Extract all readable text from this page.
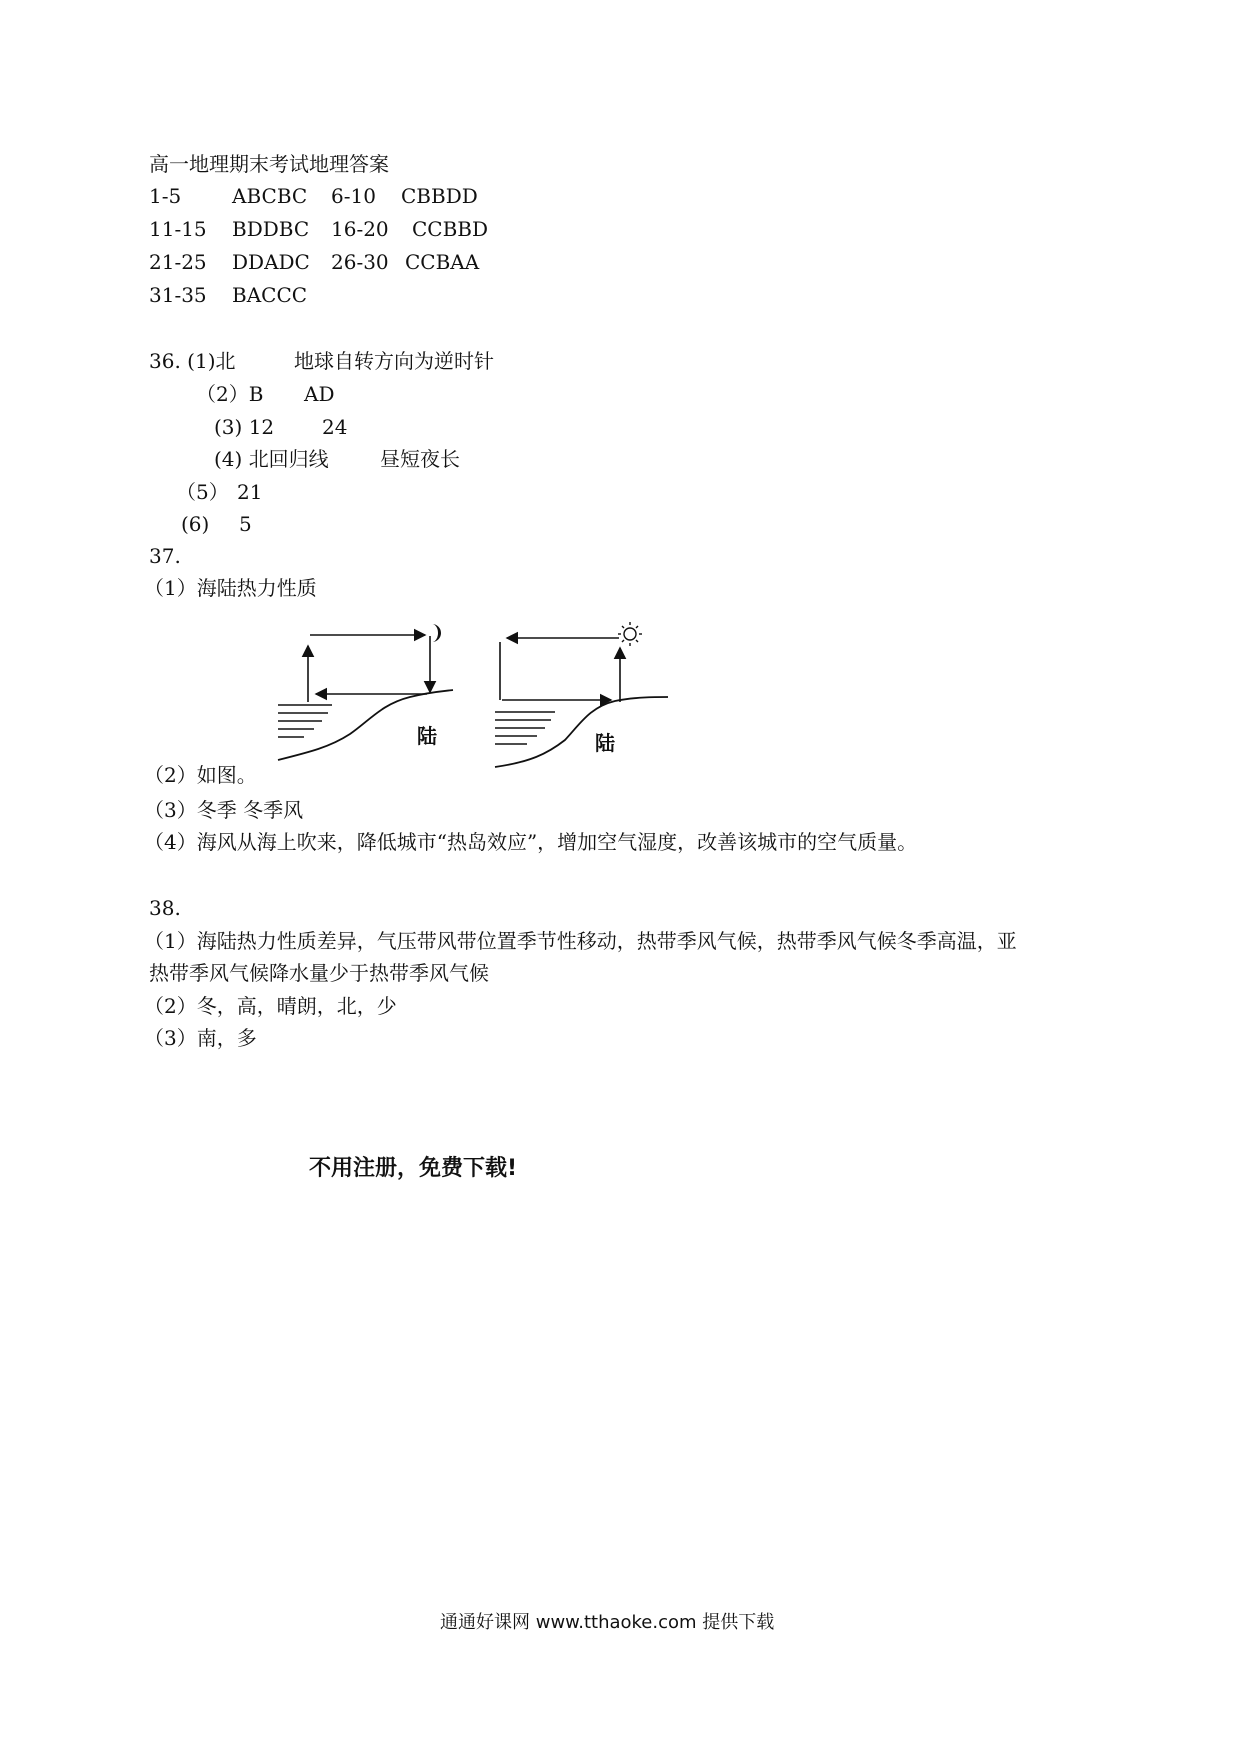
高一地理期末考试地理答案
1-5	ABCBC 6-10 CBBDD
11-15 BDDBC 16-20 CCBBD
21-25 DDADC 26-30 CCBAA
31-35 BACCC
36. (1)北	地球自转方向为逆时针
（2）B AD
(3) 12 24
(4) 北回归线	昼短夜长
（5） 21
(6) 5
37.
（1）海陆热力性质
陆	陆
（2）如图。
（3）冬季 冬季风
（4）海风从海上吹来，降低城市“热岛效应”，增加空气湿度，改善该城市的空气质量。
38.
（1）海陆热力性质差异，气压带风带位置季节性移动，热带季风气候，热带季风气候冬季高温，亚
热带季风气候降水量少于热带季风气候
（2）冬，高，晴朗，北，少
（3）南，多
不用注册，免费下载!
通通好课网 www.tthaoke.com 提供下载
